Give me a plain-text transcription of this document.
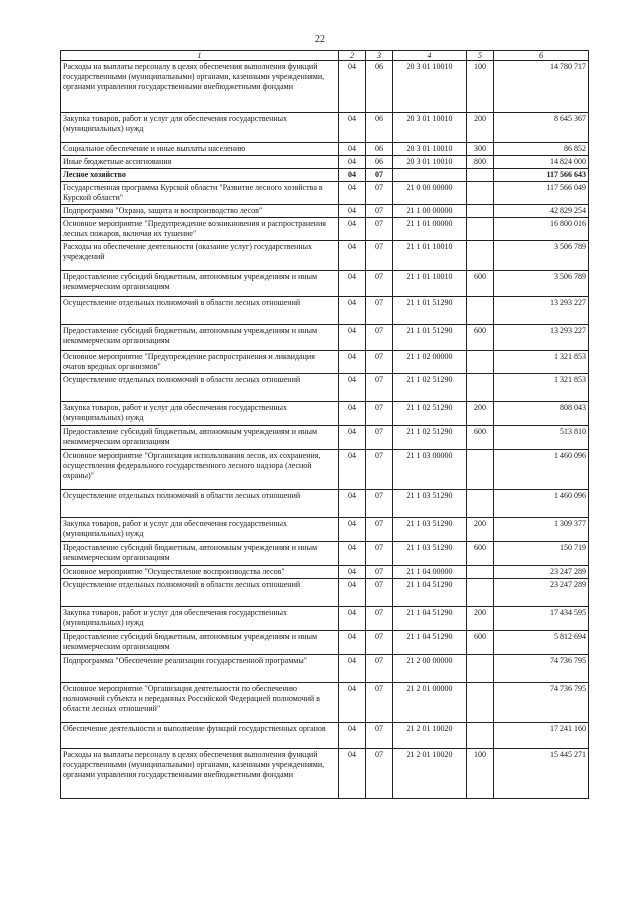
22
1	2	3	4	5	6
Расходы на выплаты персоналу в целях обеспечения выполнения функций государственными (муниципальными) органами, казенными учреждениями, органами управления государственными внебюджетными фондами	04	06	20 3 01 10010	100	14 780 717
Закупка товаров, работ и услуг для обеспечения государственных (муниципальных) нужд	04	06	20 3 01 10010	200	8 645 367
Социальное обеспечение и иные выплаты населению	04	06	20 3 01 10010	300	86 852
Иные бюджетные ассигнования	04	06	20 3 01 10010	800	14 824 000
Лесное хозяйство	04	07			117 566 643
Государственная программа Курской области "Развитие лесного хозяйства в Курской области"	04	07	21 0 00 00000		117 566 049
Подпрограмма "Охрана, защита и воспроизводство лесов"	04	07	21 1 00 00000		42 829 254
Основное мероприятие "Предупреждение возникновения и распространения лесных пожаров, включая их тушение"	04	07	21 1 01 00000		16 800 016
Расходы на обеспечение деятельности (оказание услуг) государственных учреждений	04	07	21 1 01 10010		3 506 789
Предоставление субсидий бюджетным, автономным учреждениям и иным некоммерческим организациям	04	07	21 1 01 10010	600	3 506 789
Осуществление отдельных полномочий в области лесных отношений	04	07	21 1 01 51290		13 293 227
Предоставление субсидий бюджетным, автономным учреждениям и иным некоммерческим организациям	04	07	21 1 01 51290	600	13 293 227
Основное мероприятие "Предупреждение распространения и ликвидация очагов вредных организмов"	04	07	21 1 02 00000		1 321 853
Осуществление отдельных полномочий в области лесных отношений	04	07	21 1 02 51290		1 321 853
Закупка товаров, работ и услуг для обеспечения государственных (муниципальных) нужд	04	07	21 1 02 51290	200	808 043
Предоставление субсидий бюджетным, автономным учреждениям и иным некоммерческим организациям	04	07	21 1 02 51290	600	513 810
Основное мероприятие "Организация использования лесов, их сохранения, осуществления федерального государственного лесного надзора (лесной охраны)"	04	07	21 1 03 00000		1 460 096
Осуществление отдельных полномочий в области лесных отношений	04	07	21 1 03 51290		1 460 096
Закупка товаров, работ и услуг для обеспечения государственных (муниципальных) нужд	04	07	21 1 03 51290	200	1 309 377
Предоставление субсидий бюджетным, автономным учреждениям и иным некоммерческим организациям	04	07	21 1 03 51290	600	150 719
Основное мероприятие "Осуществление воспроизводства лесов"	04	07	21 1 04 00000		23 247 289
Осуществление отдельных полномочий в области лесных отношений	04	07	21 1 04 51290		23 247 289
Закупка товаров, работ и услуг для обеспечения государственных (муниципальных) нужд	04	07	21 1 04 51290	200	17 434 595
Предоставление субсидий бюджетным, автономным учреждениям и иным некоммерческим организациям	04	07	21 1 04 51290	600	5 812 694
Подпрограмма "Обеспечение реализации государственной программы"	04	07	21 2 00 00000		74 736 795
Основное мероприятие "Организация деятельности по обеспечению полномочий субъекта и переданных Российской Федерацией полномочий в области лесных отношений"	04	07	21 2 01 00000		74 736 795
Обеспечение деятельности и выполнение функций государственных органов	04	07	21 2 01 10020		17 241 160
Расходы на выплаты персоналу в целях обеспечения выполнения функций государственными (муниципальными) органами, казенными учреждениями, органами управления государственными внебюджетными фондами	04	07	21 2 01 10020	100	15 445 271
